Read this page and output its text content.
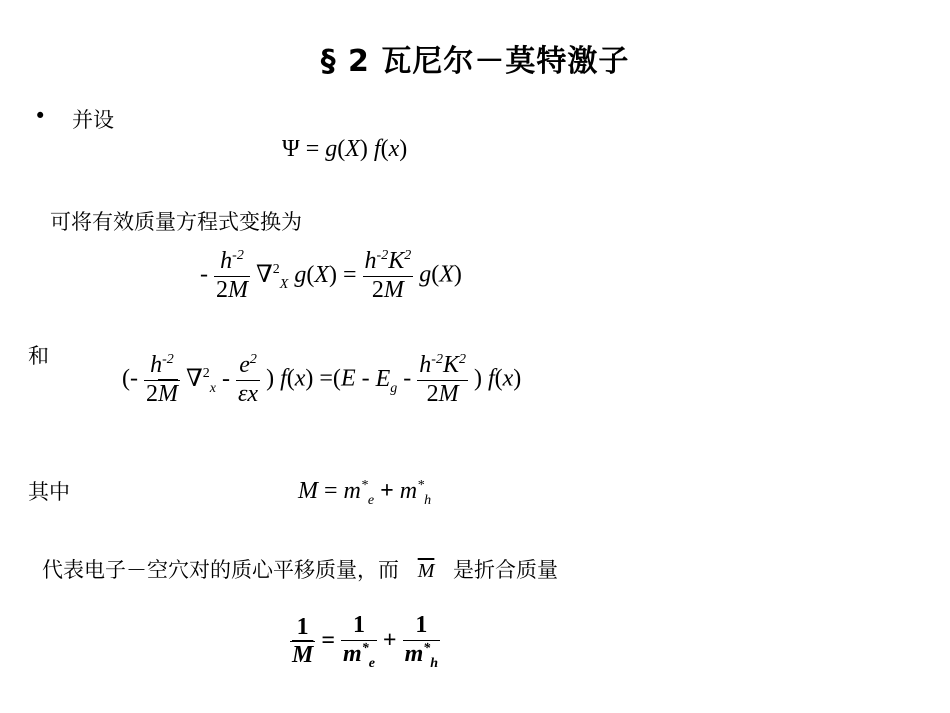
§ 2 瓦尼尔－莫特激子
• 并设
Ψ = g(X) f(x)
可将有效质量方程式变换为
- $\frac{h^{-2}}{2M} \nabla^2_X$ $g(X) = \frac{h^{-2}K^2}{2M} g(X)$
和
(- $\frac{h^{-2}}{2\overline{M}} \nabla^2_x - \frac{e^2}{\varepsilon x}$ ) $f(x) =(E - E_g - \frac{h^{-2}K^2}{2M}$ ) f(x)
其中	$M = m^*_e + m^*_h$
代表电子－空穴对的质心平移质量，而 $\overline{M}$ 是折合质量
$\frac{1}{M} = \frac{1}{m^*_e} + \frac{1}{m^*_h}$
